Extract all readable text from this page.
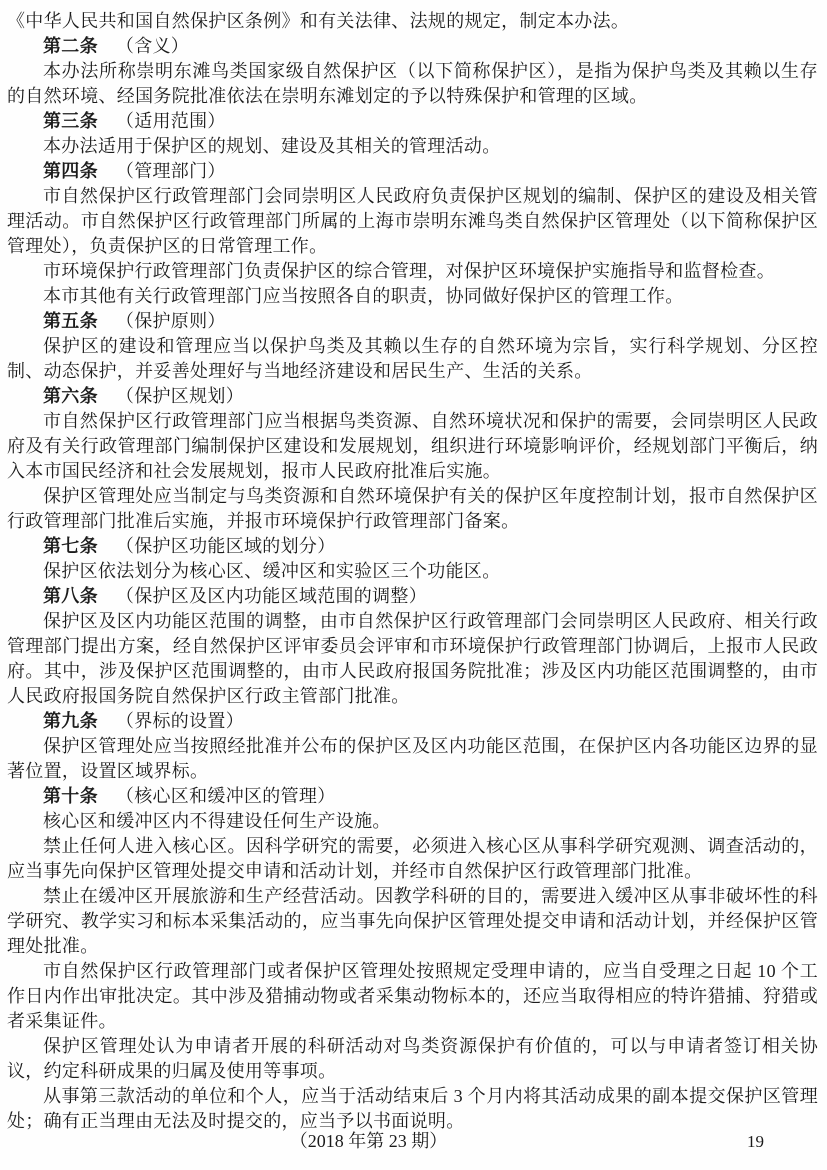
《中华人民共和国自然保护区条例》和有关法律、法规的规定，制定本办法。

第二条 （含义）

本办法所称崇明东滩鸟类国家级自然保护区（以下简称保护区），是指为保护鸟类及其赖以生存的自然环境、经国务院批准依法在崇明东滩划定的予以特殊保护和管理的区域。

第三条 （适用范围）

本办法适用于保护区的规划、建设及其相关的管理活动。

第四条 （管理部门）

市自然保护区行政管理部门会同崇明区人民政府负责保护区规划的编制、保护区的建设及相关管理活动。市自然保护区行政管理部门所属的上海市崇明东滩鸟类自然保护区管理处（以下简称保护区管理处），负责保护区的日常管理工作。

市环境保护行政管理部门负责保护区的综合管理，对保护区环境保护实施指导和监督检查。

本市其他有关行政管理部门应当按照各自的职责，协同做好保护区的管理工作。

第五条 （保护原则）

保护区的建设和管理应当以保护鸟类及其赖以生存的自然环境为宗旨，实行科学规划、分区控制、动态保护，并妥善处理好与当地经济建设和居民生产、生活的关系。

第六条 （保护区规划）

市自然保护区行政管理部门应当根据鸟类资源、自然环境状况和保护的需要，会同崇明区人民政府及有关行政管理部门编制保护区建设和发展规划，组织进行环境影响评价，经规划部门平衡后，纳入本市国民经济和社会发展规划，报市人民政府批准后实施。

保护区管理处应当制定与鸟类资源和自然环境保护有关的保护区年度控制计划，报市自然保护区行政管理部门批准后实施，并报市环境保护行政管理部门备案。

第七条 （保护区功能区域的划分）

保护区依法划分为核心区、缓冲区和实验区三个功能区。

第八条 （保护区及区内功能区域范围的调整）

保护区及区内功能区范围的调整，由市自然保护区行政管理部门会同崇明区人民政府、相关行政管理部门提出方案，经自然保护区评审委员会评审和市环境保护行政管理部门协调后，上报市人民政府。其中，涉及保护区范围调整的，由市人民政府报国务院批准；涉及区内功能区范围调整的，由市人民政府报国务院自然保护区行政主管部门批准。

第九条 （界标的设置）

保护区管理处应当按照经批准并公布的保护区及区内功能区范围，在保护区内各功能区边界的显著位置，设置区域界标。

第十条 （核心区和缓冲区的管理）

核心区和缓冲区内不得建设任何生产设施。

禁止任何人进入核心区。因科学研究的需要，必须进入核心区从事科学研究观测、调查活动的，应当事先向保护区管理处提交申请和活动计划，并经市自然保护区行政管理部门批准。

禁止在缓冲区开展旅游和生产经营活动。因教学科研的目的，需要进入缓冲区从事非破坏性的科学研究、教学实习和标本采集活动的，应当事先向保护区管理处提交申请和活动计划，并经保护区管理处批准。

市自然保护区行政管理部门或者保护区管理处按照规定受理申请的，应当自受理之日起 10 个工作日内作出审批决定。其中涉及猎捕动物或者采集动物标本的，还应当取得相应的特许猎捕、狩猎或者采集证件。

保护区管理处认为申请者开展的科研活动对鸟类资源保护有价值的，可以与申请者签订相关协议，约定科研成果的归属及使用等事项。

从事第三款活动的单位和个人，应当于活动结束后 3 个月内将其活动成果的副本提交保护区管理处；确有正当理由无法及时提交的，应当予以书面说明。

（2018 年第 23 期）	19
